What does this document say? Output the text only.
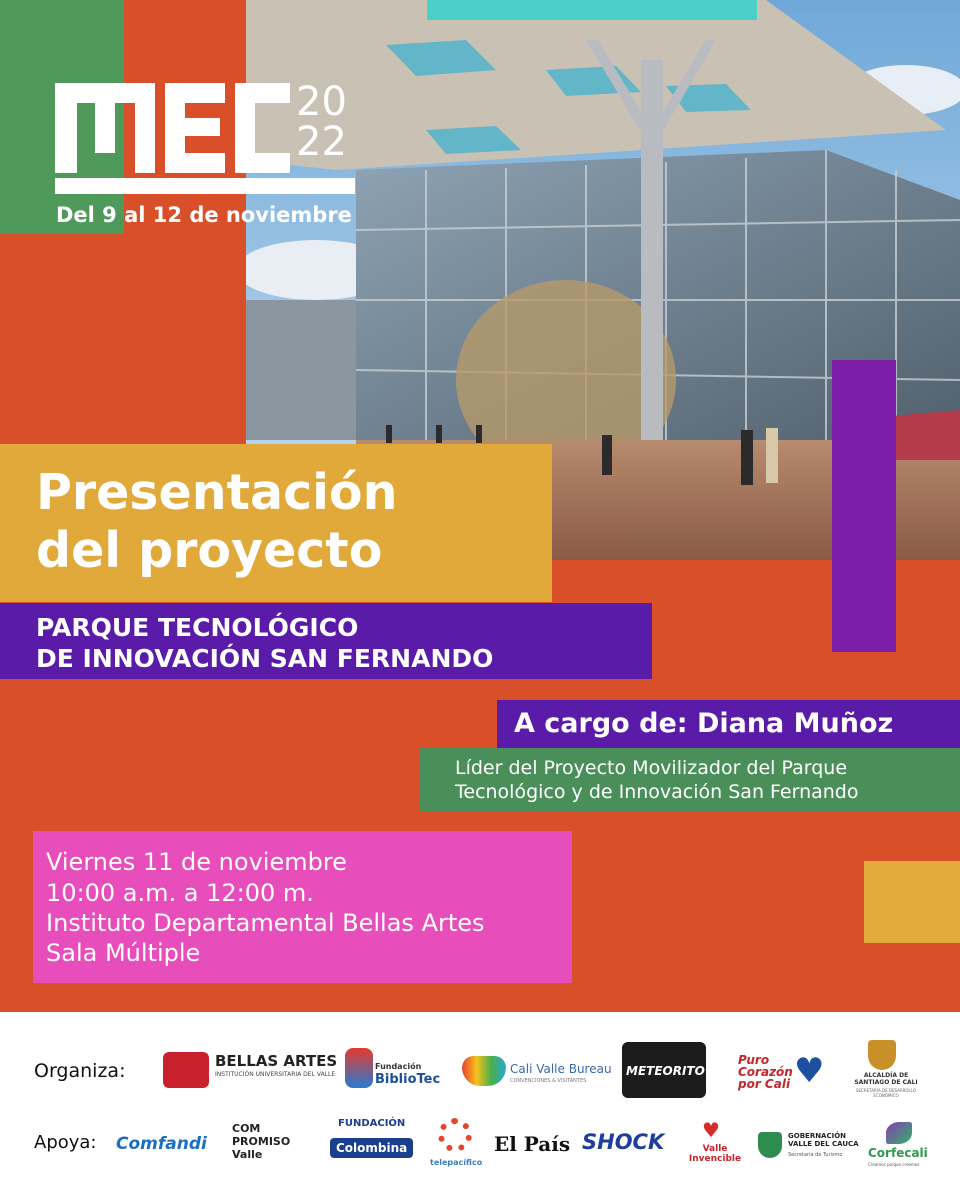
20
22
Del 9 al 12 de noviembre
Presentación
del proyecto
PARQUE TECNOLÓGICO
DE INNOVACIÓN SAN FERNANDO
A cargo de: Diana Muñoz
Líder del Proyecto Movilizador del Parque
Tecnológico y de Innovación San Fernando
Viernes 11 de noviembre
10:00 a.m. a 12:00 m.
Instituto Departamental Bellas Artes
Sala Múltiple
Organiza:
Apoya:
BELLAS ARTES
INSTITUCIÓN UNIVERSITARIA DEL VALLE
Fundación
BiblioTec
Cali Valle Bureau
CONVENCIONES & VISITANTES
METEORITO
Puro Corazón por Cali ♥	ALCALDÍA DE SANTIAGO DE CALI
SECRETARÍA DE DESARROLLO ECONÓMICO
Comfandi
COM PROMISO Valle
FUNDACIÓN
Colombina
telepacífico
El País SHOCK ♥
Valle Invencible
GOBERNACIÓN VALLE DEL CAUCA
Secretaría de Turismo Corfecali
Creamos porque creemos
